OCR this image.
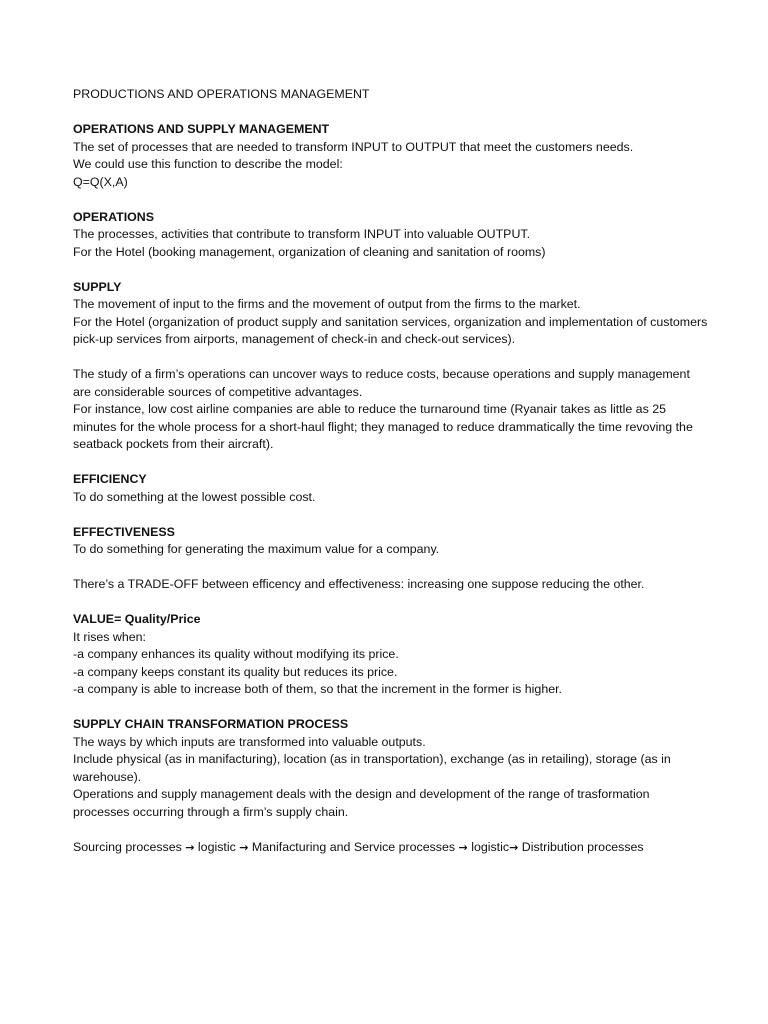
PRODUCTIONS AND OPERATIONS MANAGEMENT
OPERATIONS AND SUPPLY MANAGEMENT
The set of processes that are needed to transform INPUT to OUTPUT that meet the customers needs.
We could use this function to describe the model:
Q=Q(X,A)
OPERATIONS
The processes, activities that contribute to transform INPUT into valuable OUTPUT.
For the Hotel (booking management, organization of cleaning and sanitation of rooms)
SUPPLY
The movement of input to the firms and the movement of output from the firms to the market.
For the Hotel (organization of product supply and sanitation services, organization and implementation of customers pick-up services from airports, management of check-in and check-out services).
The study of a firm’s operations can uncover ways to reduce costs, because operations and supply management are considerable sources of competitive advantages.
For instance, low cost airline companies are able to reduce the turnaround time (Ryanair takes as little as 25 minutes for the whole process for a short-haul flight; they managed to reduce drammatically the time revoving the seatback pockets from their aircraft).
EFFICIENCY
To do something at the lowest possible cost.
EFFECTIVENESS
To do something for generating the maximum value for a company.
There’s a TRADE-OFF between efficency and effectiveness: increasing one suppose reducing the other.
VALUE= Quality/Price
It rises when:
-a company enhances its quality without modifying its price.
-a company keeps constant its quality but reduces its price.
-a company is able to increase both of them, so that the increment in the former is higher.
SUPPLY CHAIN TRANSFORMATION PROCESS
The ways by which inputs are transformed into valuable outputs.
Include physical (as in manifacturing), location (as in transportation), exchange (as in retailing), storage (as in warehouse).
Operations and supply management deals with the design and development of the range of trasformation processes occurring through a firm’s supply chain.
Sourcing processes → logistic → Manifacturing and Service processes → logistic→ Distribution processes
